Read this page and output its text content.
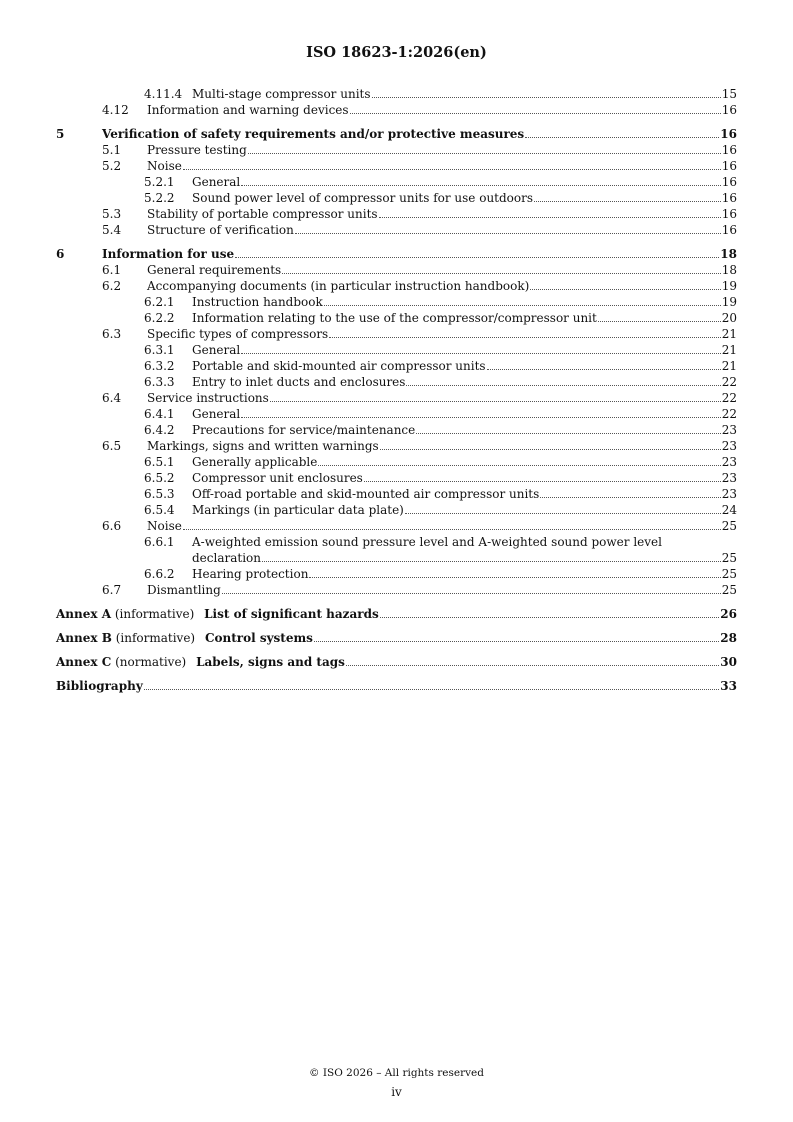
ISO 18623-1:2026(en)
4.11.4 Multi-stage compressor units	15
4.12 Information and warning devices	16
5	Verification of safety requirements and/or protective measures	16
5.1 Pressure testing	16
5.2 Noise	16
5.2.1 General	16
5.2.2 Sound power level of compressor units for use outdoors	16
5.3 Stability of portable compressor units	16
5.4 Structure of verification	16
6	Information for use	18
6.1 General requirements	18
6.2 Accompanying documents (in particular instruction handbook)	19
6.2.1 Instruction handbook	19
6.2.2 Information relating to the use of the compressor/compressor unit	20
6.3 Specific types of compressors	21
6.3.1 General	21
6.3.2 Portable and skid-mounted air compressor units	21
6.3.3 Entry to inlet ducts and enclosures	22
6.4 Service instructions	22
6.4.1 General	22
6.4.2 Precautions for service/maintenance	23
6.5 Markings, signs and written warnings	23
6.5.1 Generally applicable	23
6.5.2 Compressor unit enclosures	23
6.5.3 Off-road portable and skid-mounted air compressor units	23
6.5.4 Markings (in particular data plate)	24
6.6 Noise	25
6.6.1 A-weighted emission sound pressure level and A-weighted sound power level
declaration	25
6.6.2 Hearing protection	25
6.7 Dismantling	25
Annex A (informative) List of significant hazards	26
Annex B (informative) Control systems	28
Annex C (normative) Labels, signs and tags	30
Bibliography	33
© ISO 2026 – All rights reserved
iv
